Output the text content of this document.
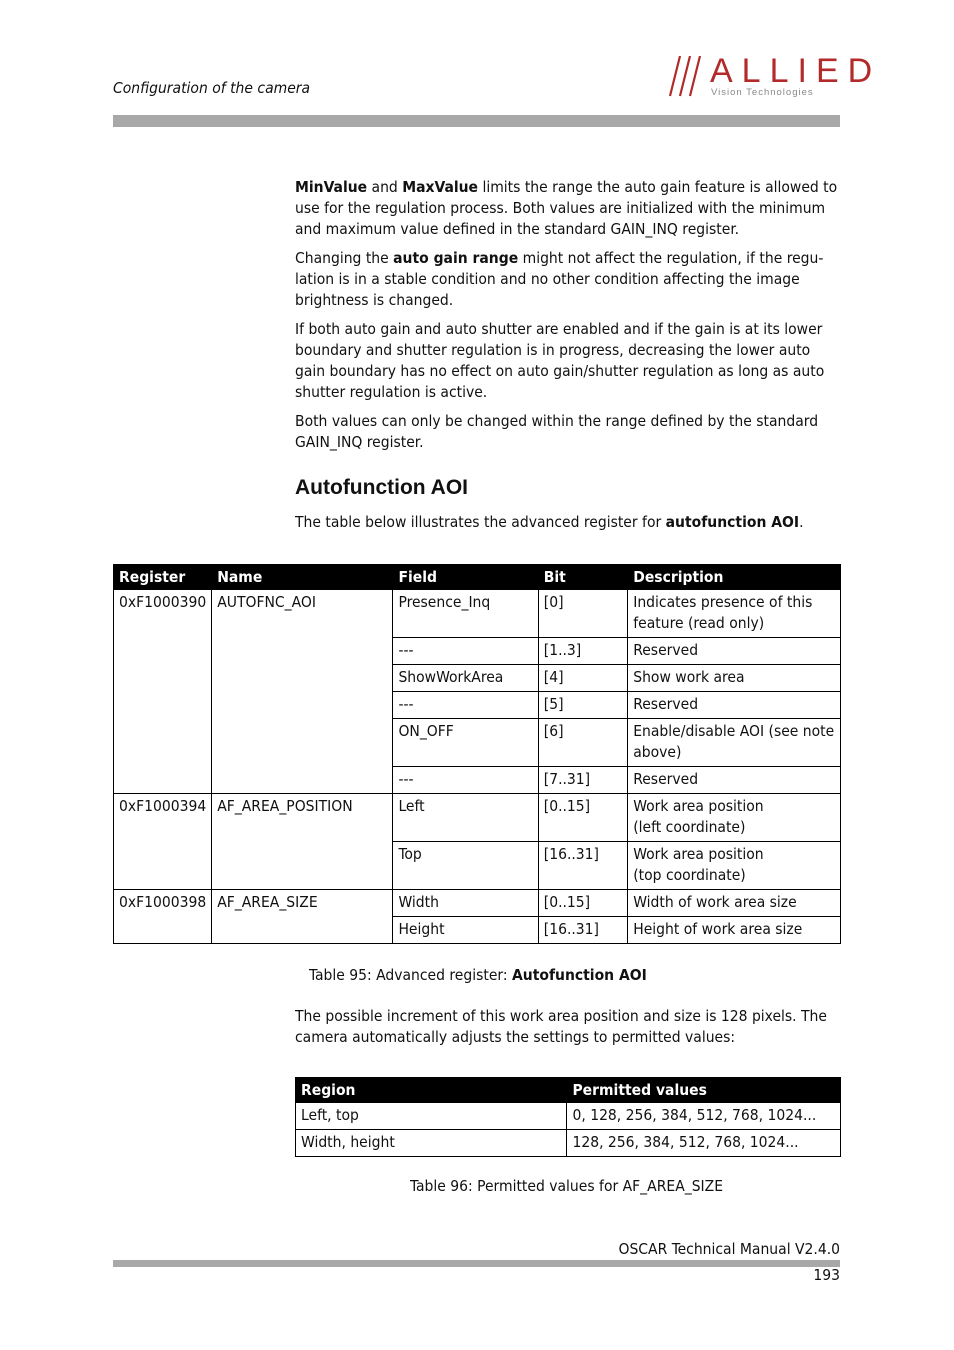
Configuration of the camera	ALLIED
Vision Technologies

MinValue and MaxValue limits the range the auto gain feature is allowed to use for the regulation process. Both values are initialized with the minimum and maximum value defined in the standard GAIN_INQ register.

Changing the auto gain range might not affect the regulation, if the regu-lation is in a stable condition and no other condition affecting the image brightness is changed.

If both auto gain and auto shutter are enabled and if the gain is at its lower boundary and shutter regulation is in progress, decreasing the lower auto gain boundary has no effect on auto gain/shutter regulation as long as auto shutter regulation is active.

Both values can only be changed within the range defined by the standard GAIN_INQ register.

Autofunction AOI
The table below illustrates the advanced register for autofunction AOI.
Register	Name	Field	Bit	Description
0xF1000390	AUTOFNC_AOI	Presence_Inq	[0]	Indicates presence of this feature (read only)
		---	[1..3]	Reserved
		ShowWorkArea	[4]	Show work area
		---	[5]	Reserved
		ON_OFF	[6]	Enable/disable AOI (see note above)
		---	[7..31]	Reserved
0xF1000394	AF_AREA_POSITION	Left	[0..15]	Work area position
(left coordinate)
		Top	[16..31]	Work area position
(top coordinate)
0xF1000398	AF_AREA_SIZE	Width	[0..15]	Width of work area size
		Height	[16..31]	Height of work area size
Table 95: Advanced register: Autofunction AOI

The possible increment of this work area position and size is 128 pixels. The camera automatically adjusts the settings to permitted values:

Region	Permitted values
Left, top	0, 128, 256, 384, 512, 768, 1024...
Width, height	128, 256, 384, 512, 768, 1024...
Table 96: Permitted values for AF_AREA_SIZE
OSCAR Technical Manual V2.4.0
193
